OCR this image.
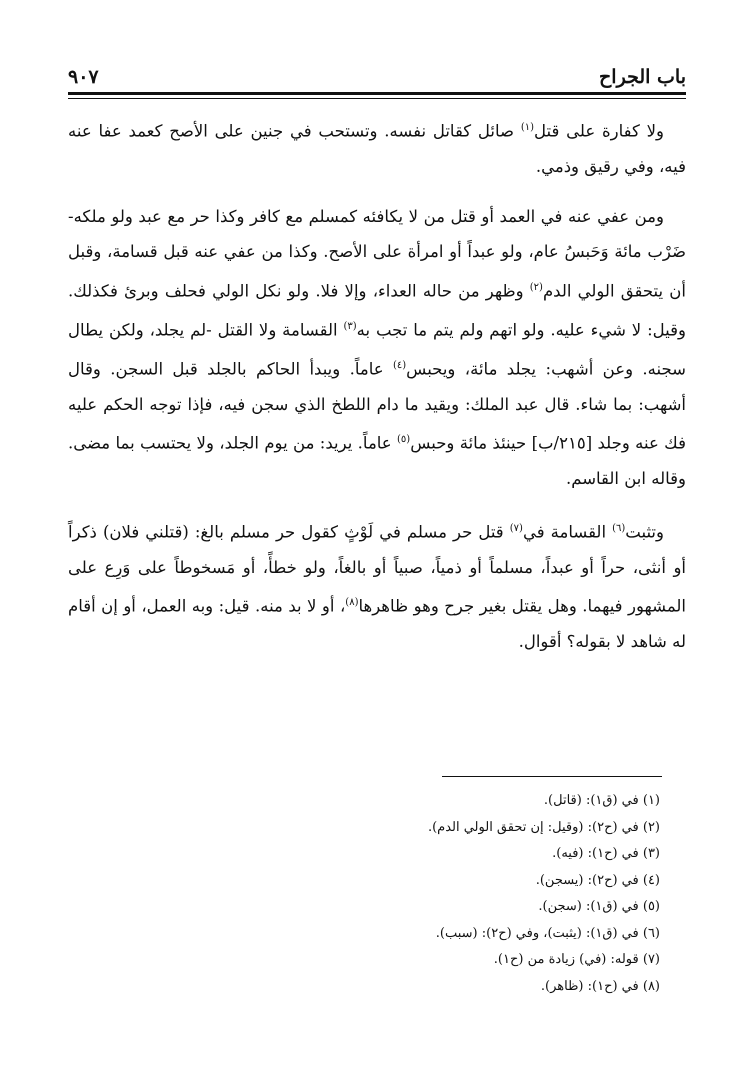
باب الجراح
٩٠٧

ولا كفارة على قتل$^{(١)}$ صائل كقاتل نفسه. وتستحب في جنين على الأصح كعمد عفا عنه فيه، وفي رقيق وذمي.

ومن عفي عنه في العمد أو قتل من لا يكافئه كمسلم مع كافر وكذا حر مع عبد ولو ملكه- ضَرْب مائة وَحَبسُ عام، ولو عبداً أو امرأة على الأصح. وكذا من عفي عنه قبل قسامة، وقبل أن يتحقق الولي الدم$^{(٢)}$ وظهر من حاله العداء، وإلا فلا. ولو نكل الولي فحلف وبرئ فكذلك. وقيل: لا شيء عليه. ولو اتهم ولم يتم ما تجب به$^{(٣)}$ القسامة ولا القتل -لم يجلد، ولكن يطال سجنه. وعن أشهب: يجلد مائة، ويحبس$^{(٤)}$ عاماً. ويبدأ الحاكم بالجلد قبل السجن. وقال أشهب: بما شاء. قال عبد الملك: ويقيد ما دام اللطخ الذي سجن فيه، فإذا توجه الحكم عليه فك عنه وجلد [٢١٥/ب] حينئذ مائة وحبس$^{(٥)}$ عاماً. يريد: من يوم الجلد، ولا يحتسب بما مضى. وقاله ابن القاسم.

وتثبت$^{(٦)}$ القسامة في$^{(٧)}$ قتل حر مسلم في لَوْثٍ كقول حر مسلم بالغ: (قتلني فلان) ذكراً أو أنثى، حراً أو عبداً، مسلماً أو ذمياً، صبياً أو بالغاً، ولو خطأً، أو مَسخوطاً على وَرِع على المشهور فيهما. وهل يقتل بغير جرح وهو ظاهرها$^{(٨)}$، أو لا بد منه. قيل: وبه العمل، أو إن أقام له شاهد لا بقوله؟ أقوال.

(١) في (ق١): (قاتل).
(٢) في (ح٢): (وقيل: إن تحقق الولي الدم).
(٣) في (ح١): (فيه).
(٤) في (ح٢): (يسجن).
(٥) في (ق١): (سجن).
(٦) في (ق١): (يثبت)، وفي (ح٢): (سبب).
(٧) قوله: (في) زيادة من (ح١).
(٨) في (ح١): (ظاهر).
